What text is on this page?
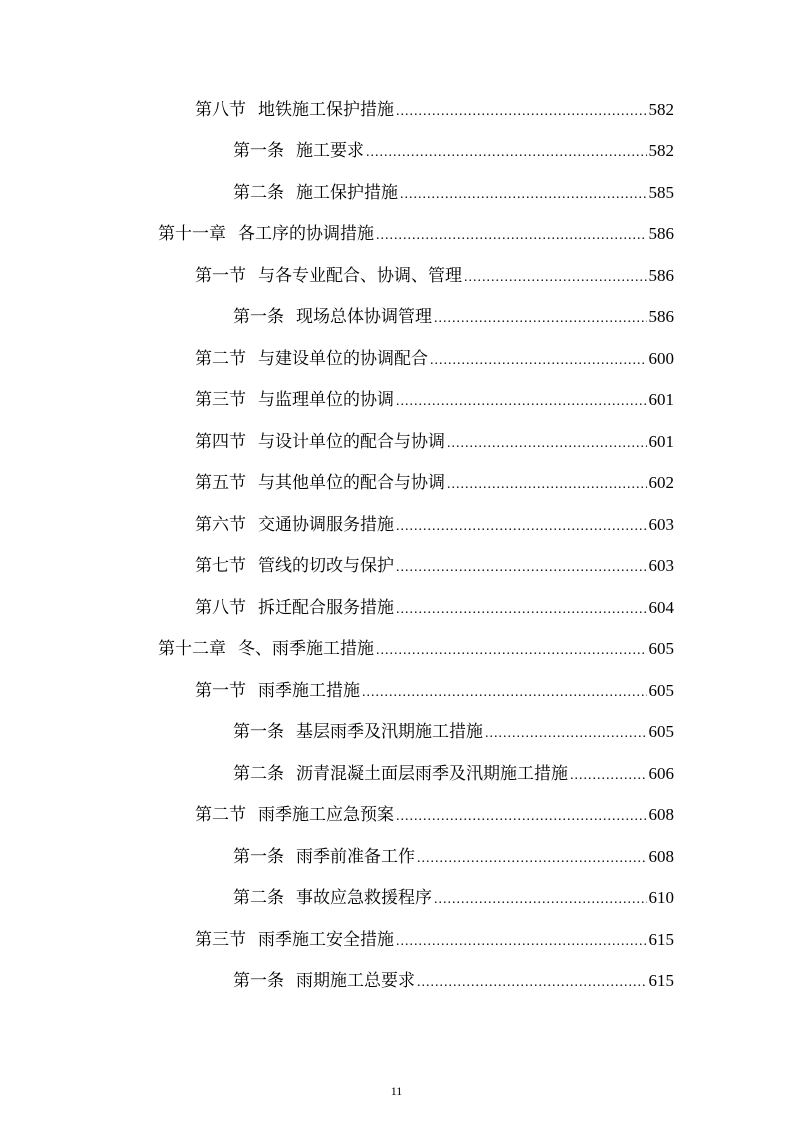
第八节 地铁施工保护措施 .....	582
第一条 施工要求 .....	582
第二条 施工保护措施 .....	585
第十一章 各工序的协调措施 .....	586
第一节 与各专业配合、协调、管理 .....	586
第一条 现场总体协调管理 .....	586
第二节 与建设单位的协调配合 .....	600
第三节 与监理单位的协调 .....	601
第四节 与设计单位的配合与协调 .....	601
第五节 与其他单位的配合与协调 .....	602
第六节 交通协调服务措施 .....	603
第七节 管线的切改与保护 .....	603
第八节 拆迁配合服务措施 .....	604
第十二章 冬、雨季施工措施 .....	605
第一节 雨季施工措施 .....	605
第一条 基层雨季及汛期施工措施 .....	605
第二条 沥青混凝土面层雨季及汛期施工措施 .....	606
第二节 雨季施工应急预案 .....	608
第一条 雨季前准备工作 .....	608
第二条 事故应急救援程序 .....	610
第三节 雨季施工安全措施 .....	615
第一条 雨期施工总要求 .....	615
11
